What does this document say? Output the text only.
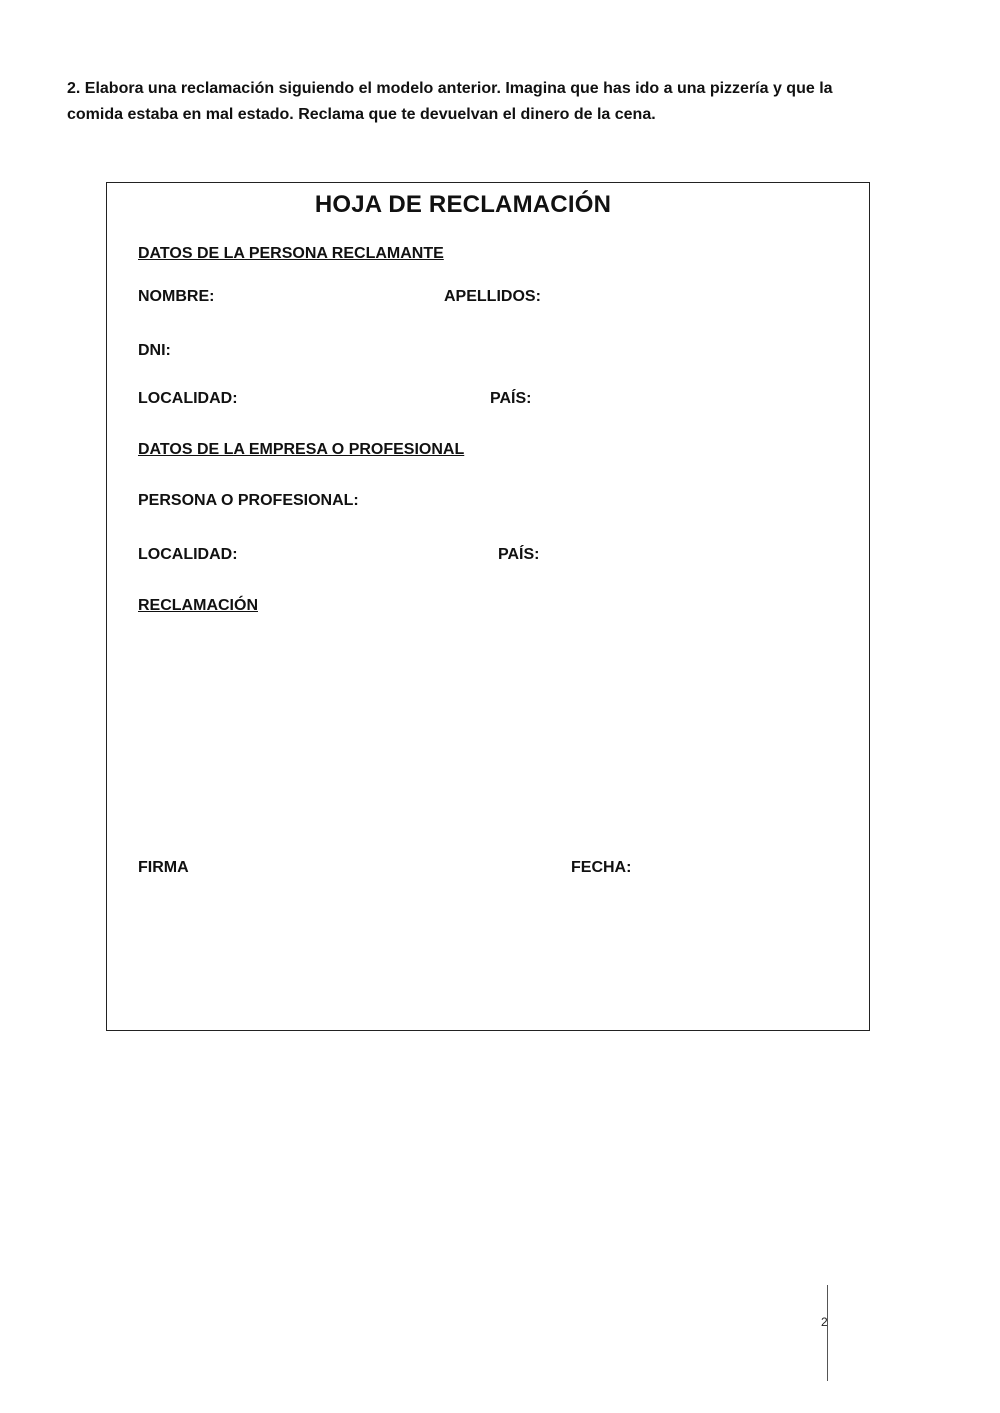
2. Elabora una reclamación siguiendo el modelo anterior. Imagina que has ido a una pizzería y que la comida estaba en mal estado. Reclama que te devuelvan el dinero de la cena.

HOJA DE RECLAMACIÓN
DATOS DE LA PERSONA RECLAMANTE
NOMBRE:	APELLIDOS:
DNI:
LOCALIDAD:	PAÍS:
DATOS DE LA EMPRESA O PROFESIONAL
PERSONA O PROFESIONAL:
LOCALIDAD:	PAÍS:
RECLAMACIÓN
FIRMA	FECHA:
2
